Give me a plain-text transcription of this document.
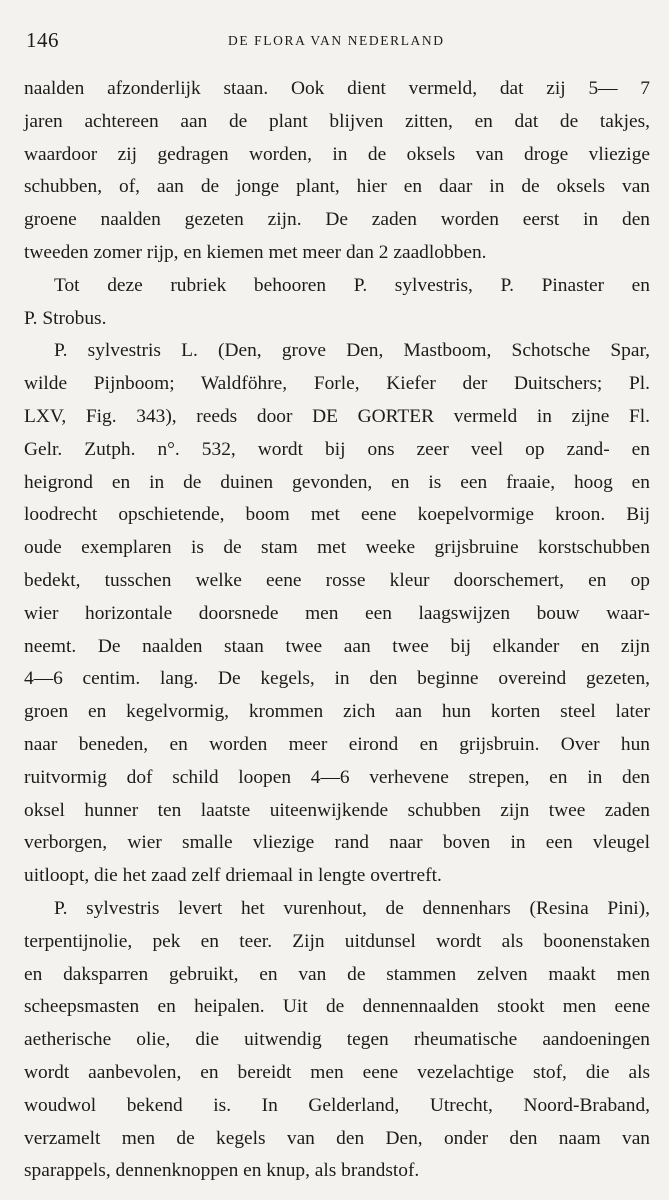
146	DE FLORA VAN NEDERLAND
naalden afzonderlijk staan. Ook dient vermeld, dat zij 5— 7
jaren achtereen aan de plant blijven zitten, en dat de takjes,
waardoor zij gedragen worden, in de oksels van droge vliezige
schubben, of, aan de jonge plant, hier en daar in de oksels van
groene naalden gezeten zijn. De zaden worden eerst in den
tweeden zomer rijp, en kiemen met meer dan 2 zaadlobben.
Tot deze rubriek behooren P. sylvestris, P. Pinaster en
P. Strobus.
P. sylvestris L. (Den, grove Den, Mastboom, Schotsche Spar,
wilde Pijnboom; Waldföhre, Forle, Kiefer der Duitschers; Pl.
LXV, Fig. 343), reeds door DE GORTER vermeld in zijne Fl.
Gelr. Zutph. n°. 532, wordt bij ons zeer veel op zand- en
heigrond en in de duinen gevonden, en is een fraaie, hoog en
loodrecht opschietende, boom met eene koepelvormige kroon. Bij
oude exemplaren is de stam met weeke grijsbruine korstschubben
bedekt, tusschen welke eene rosse kleur doorschemert, en op
wier horizontale doorsnede men een laagswijzen bouw waar-
neemt. De naalden staan twee aan twee bij elkander en zijn
4—6 centim. lang. De kegels, in den beginne overeind gezeten,
groen en kegelvormig, krommen zich aan hun korten steel later
naar beneden, en worden meer eirond en grijsbruin. Over hun
ruitvormig dof schild loopen 4—6 verhevene strepen, en in den
oksel hunner ten laatste uiteenwijkende schubben zijn twee zaden
verborgen, wier smalle vliezige rand naar boven in een vleugel
uitloopt, die het zaad zelf driemaal in lengte overtreft.
P. sylvestris levert het vurenhout, de dennenhars (Resina Pini),
terpentijnolie, pek en teer. Zijn uitdunsel wordt als boonenstaken
en daksparren gebruikt, en van de stammen zelven maakt men
scheepsmasten en heipalen. Uit de dennennaalden stookt men eene
aetherische olie, die uitwendig tegen rheumatische aandoeningen
wordt aanbevolen, en bereidt men eene vezelachtige stof, die als
woudwol bekend is. In Gelderland, Utrecht, Noord-Braband,
verzamelt men de kegels van den Den, onder den naam van
sparappels, dennenknoppen en knup, als brandstof.
